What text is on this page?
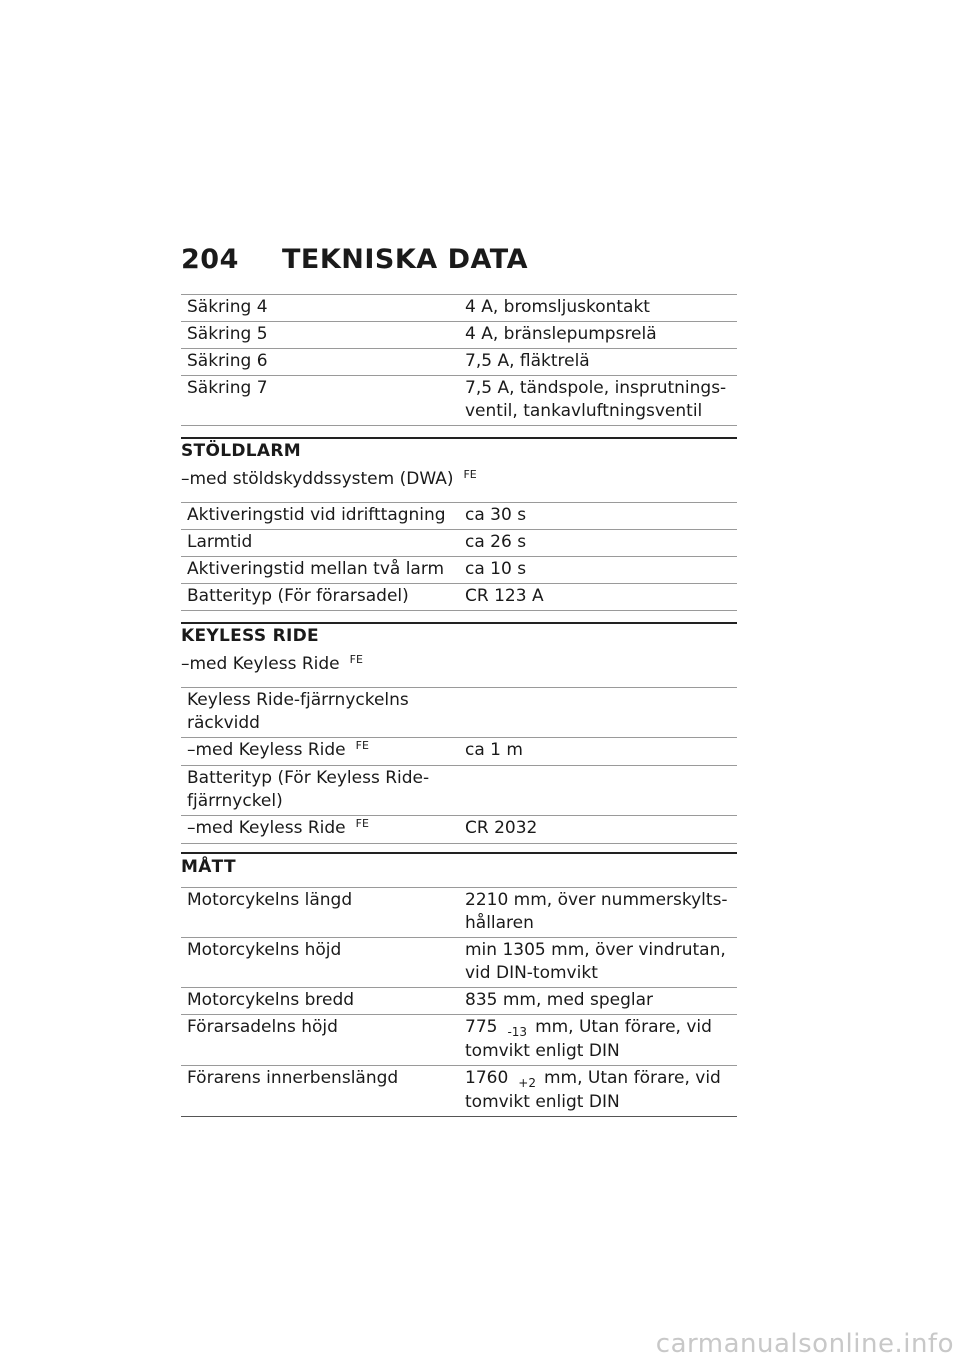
204 TEKNISKA DATA
Säkring 4	4 A, bromsljuskontakt
Säkring 5	4 A, bränslepumpsrelä
Säkring 6	7,5 A, fläktrelä
Säkring 7	7,5 A, tändspole, insprutnings-
ventil, tankavluftningsventil
STÖLDLARM
–med stöldskyddssystem (DWA) $^{FE}$
Aktiveringstid vid idrifttagning	ca 30 s
Larmtid	ca 26 s
Aktiveringstid mellan två larm	ca 10 s
Batterityp (För förarsadel)	CR 123 A
KEYLESS RIDE
–med Keyless Ride $^{FE}$
Keyless Ride-fjärrnyckelns
räckvidd	
–med Keyless Ride $^{FE}$	ca 1 m
Batterityp (För Keyless Ride-
fjärrnyckel)	
–med Keyless Ride $^{FE}$	CR 2032
MÅTT
Motorcykelns längd	2210 mm, över nummerskylts-
hållaren
Motorcykelns höjd	min 1305 mm, över vindrutan,
vid DIN-tomvikt
Motorcykelns bredd	835 mm, med speglar
Förarsadelns höjd	775 $_{-13}$ mm, Utan förare, vid
tomvikt enligt DIN
Förarens innerbenslängd	1760 $_{+2}$ mm, Utan förare, vid
tomvikt enligt DIN
carmanualsonline.info
